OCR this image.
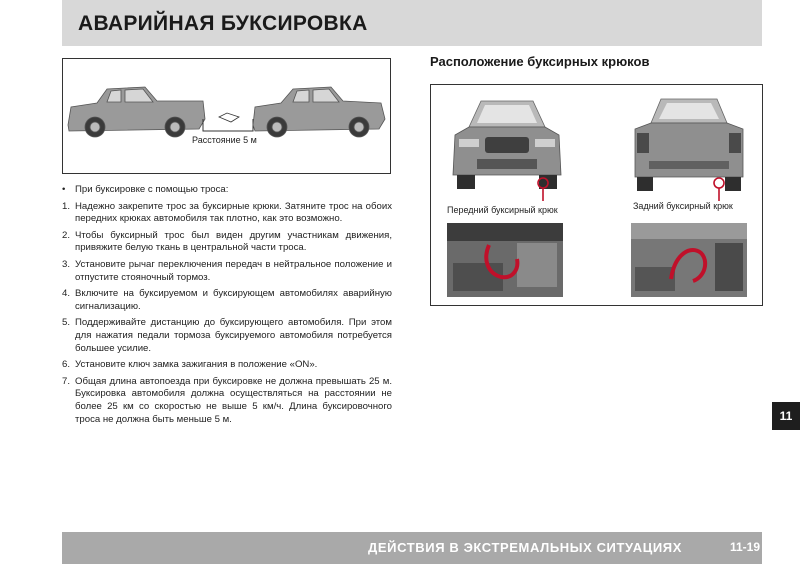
АВАРИЙНАЯ БУКСИРОВКА
Расстояние 5 м
• При буксировке с помощью троса:
1. Надежно закрепите трос за буксирные крюки. Затяните трос на обоих передних крюках автомобиля так плотно, как это возможно.
2. Чтобы буксирный трос был виден другим участникам движения, привяжите белую ткань в центральной части троса.
3. Установите рычаг переключения передач в нейтральное положение и отпустите стояночный тормоз.
4. Включите на буксируемом и буксирующем автомобилях аварийную сигнализацию.
5. Поддерживайте дистанцию до буксирующего автомобиля. При этом для нажатия педали тормоза буксируемого автомобиля потребуется большее усилие.
6. Установите ключ замка зажигания в положение «ON».
7. Общая длина автопоезда при буксировке не должна превышать 25 м. Буксировка автомобиля должна осуществляться на расстоянии не более 25 км со скоростью не выше 5 км/ч. Длина буксировочного троса не должна быть меньше 5 м.
Расположение буксирных крюков
Передний буксирный крюк	Задний буксирный крюк
11
ДЕЙСТВИЯ В ЭКСТРЕМАЛЬНЫХ СИТУАЦИЯХ	11-19
